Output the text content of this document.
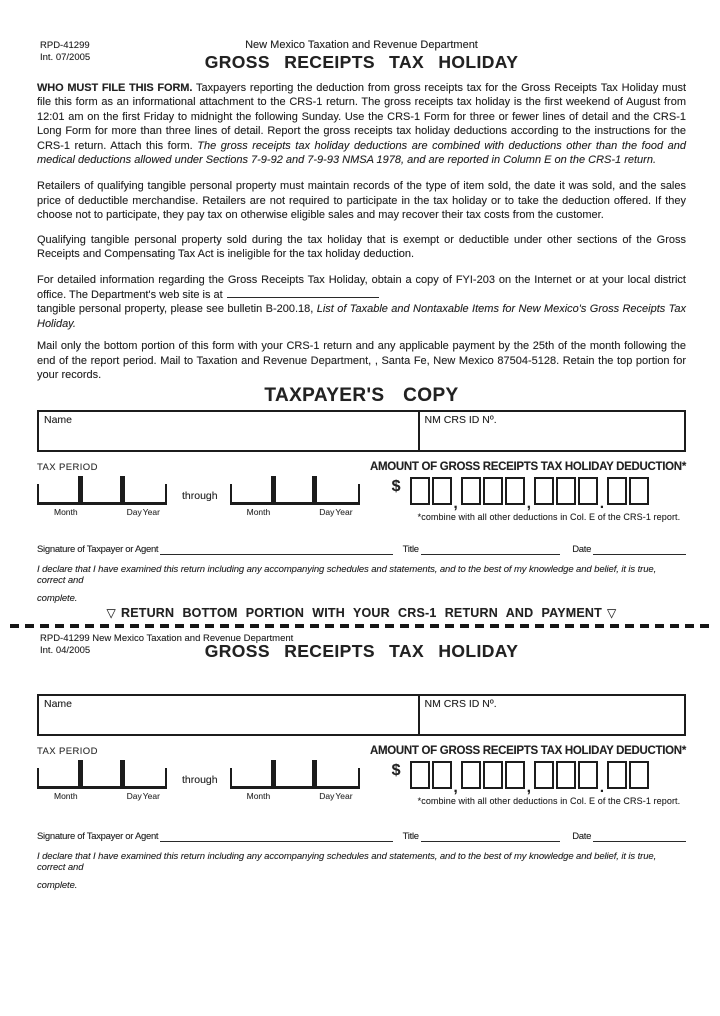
RPD-41299
Int. 07/2005
New Mexico Taxation and Revenue Department
GROSS RECEIPTS TAX HOLIDAY

WHO MUST FILE THIS FORM. Taxpayers reporting the deduction from gross receipts tax for the Gross Receipts Tax Holiday must file this form as an informational attachment to the CRS-1 return. The gross receipts tax holiday is the first weekend of August from 12:01 am on the first Friday to midnight the following Sunday. Use the CRS-1 Form for three or fewer lines of detail and the CRS-1 Long Form for more than three lines of detail. Report the gross receipts tax holiday deductions according to the instructions for the CRS-1 return. Attach this form. The gross receipts tax holiday deductions are combined with deductions other than the food and medical deductions allowed under Sections 7-9-92 and 7-9-93 NMSA 1978, and are reported in Column E on the CRS-1 return.

Retailers of qualifying tangible personal property must maintain records of the type of item sold, the date it was sold, and the sales price of deductible merchandise. Retailers are not required to participate in the tax holiday or to take the deduction offered. If they choose not to participate, they pay tax on otherwise eligible sales and may recover their tax costs from the customer.

Qualifying tangible personal property sold during the tax holiday that is exempt or deductible under other sections of the Gross Receipts and Compensating Tax Act is ineligible for the tax holiday deduction.

For detailed information regarding the Gross Receipts Tax Holiday, obtain a copy of FYI-203 on the Internet or at your local district office. The Department's web site is at
tangible personal property, please see bulletin B-200.18, List of Taxable and Nontaxable Items for New Mexico's Gross Receipts Tax Holiday.

Mail only the bottom portion of this form with your CRS-1 return and any applicable payment by the 25th of the month following the end of the report period. Mail to Taxation and Revenue Department, , Santa Fe, New Mexico 87504-5128. Retain the top portion for your records.

TAXPAYER'S COPY
Name	NM CRS ID Nº.
TAX PERIOD	AMOUNT OF GROSS RECEIPTS TAX HOLIDAY DEDUCTION*
Month	Day Year
through
Month	Day Year
$
,	,	.
*combine with all other deductions in Col. E of the CRS-1 report.
Signature of Taxpayer or Agent	Title	Date
I declare that I have examined this return including any accompanying schedules and statements, and to the best of my knowledge and belief, it is true, correct and
complete.
▽ RETURN BOTTOM PORTION WITH YOUR CRS-1 RETURN AND PAYMENT ▽
RPD-41299 New Mexico Taxation and Revenue Department
Int. 04/2005	GROSS RECEIPTS TAX HOLIDAY
Name	NM CRS ID Nº.
TAX PERIOD	AMOUNT OF GROSS RECEIPTS TAX HOLIDAY DEDUCTION*
Month	Day Year
through
Month	Day Year
$
,	,	.
*combine with all other deductions in Col. E of the CRS-1 report.
Signature of Taxpayer or Agent	Title	Date
I declare that I have examined this return including any accompanying schedules and statements, and to the best of my knowledge and belief, it is true, correct and
complete.
